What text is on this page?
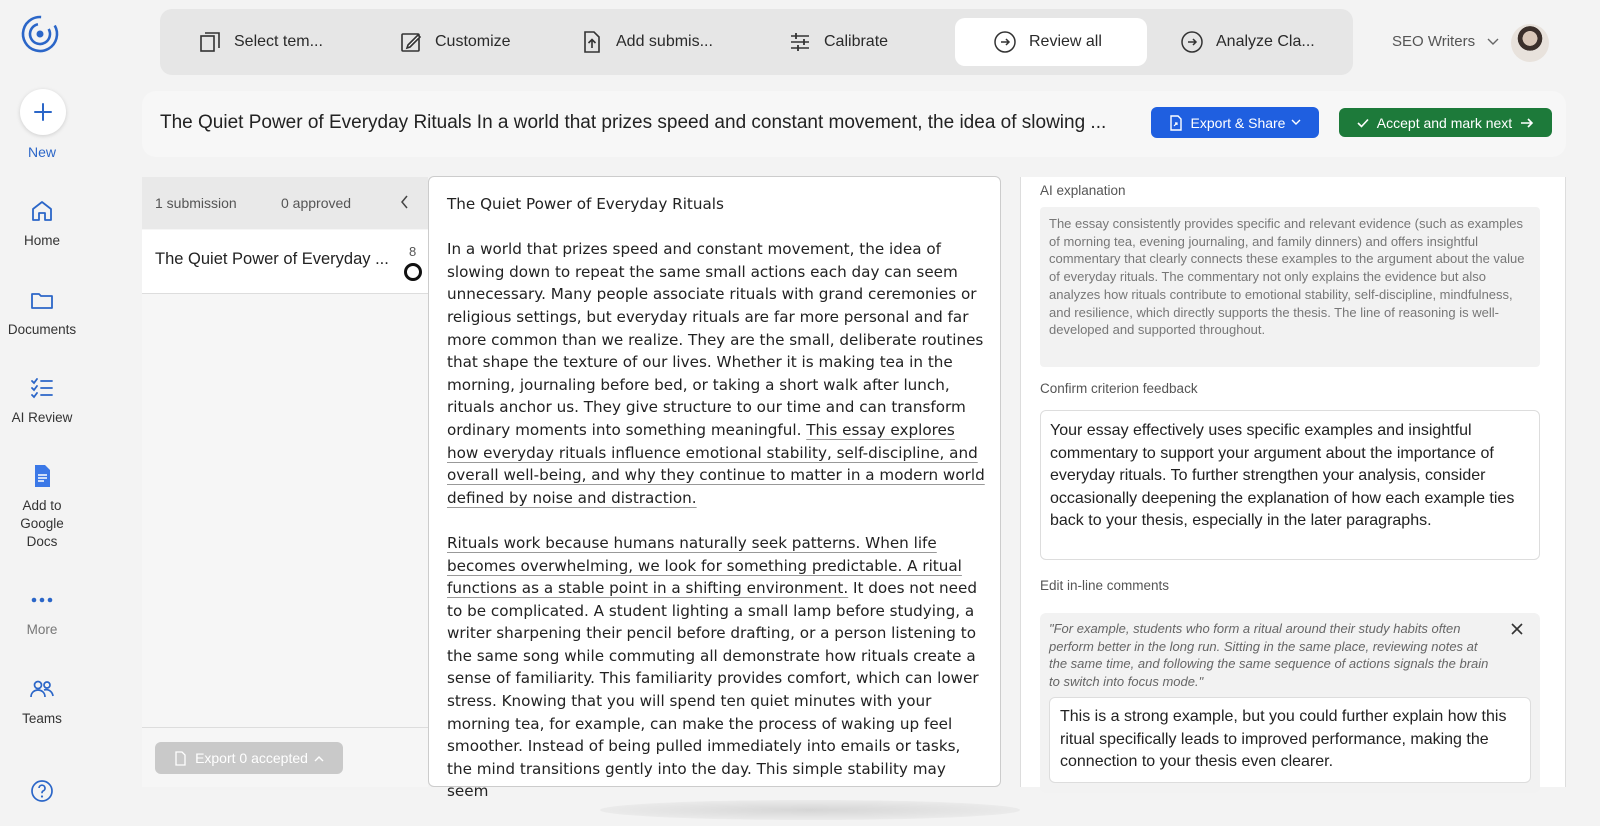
New
Home
Documents
AI Review
Add to Google Docs
More
Teams
Select tem...	Customize	Add submis...	Calibrate	Review all	Analyze Cla...	SEO Writers
The Quiet Power of Everyday Rituals In a world that prizes speed and constant movement, the idea of slowing ...	Export & Share	Accept and mark next
1 submission	0 approved
The Quiet Power of Everyday ...	8
Export 0 accepted

The Quiet Power of Everyday Rituals

In a world that prizes speed and constant movement, the idea of slowing down to repeat the same small actions each day can seem unnecessary. Many people associate rituals with grand ceremonies or religious settings, but everyday rituals are far more personal and far more common than we realize. They are the small, deliberate routines that shape the texture of our lives. Whether it is making tea in the morning, journaling before bed, or taking a short walk after lunch, rituals anchor us. They give structure to our time and can transform ordinary moments into something meaningful. This essay explores how everyday rituals influence emotional stability, self-discipline, and overall well-being, and why they continue to matter in a modern world defined by noise and distraction.

Rituals work because humans naturally seek patterns. When life becomes overwhelming, we look for something predictable. A ritual functions as a stable point in a shifting environment. It does not need to be complicated. A student lighting a small lamp before studying, a writer sharpening their pencil before drafting, or a person listening to the same song while commuting all demonstrate how rituals create a sense of familiarity. This familiarity provides comfort, which can lower stress. Knowing that you will spend ten quiet minutes with your morning tea, for example, can make the process of waking up feel smoother. Instead of being pulled immediately into emails or tasks, the mind transitions gently into the day. This simple stability may seem

AI explanation
The essay consistently provides specific and relevant evidence (such as examples of morning tea, evening journaling, and family dinners) and offers insightful commentary that clearly connects these examples to the argument about the value of everyday rituals. The commentary not only explains the evidence but also analyzes how rituals contribute to emotional stability, self-discipline, mindfulness, and resilience, which directly supports the thesis. The line of reasoning is well-developed and supported throughout.
Confirm criterion feedback
Your essay effectively uses specific examples and insightful commentary to support your argument about the importance of everyday rituals. To further strengthen your analysis, consider occasionally deepening the explanation of how each example ties back to your thesis, especially in the later paragraphs.
Edit in-line comments
"For example, students who form a ritual around their study habits often perform better in the long run. Sitting in the same place, reviewing notes at the same time, and following the same sequence of actions signals the brain to switch into focus mode."
This is a strong example, but you could further explain how this ritual specifically leads to improved performance, making the connection to your thesis even clearer.
